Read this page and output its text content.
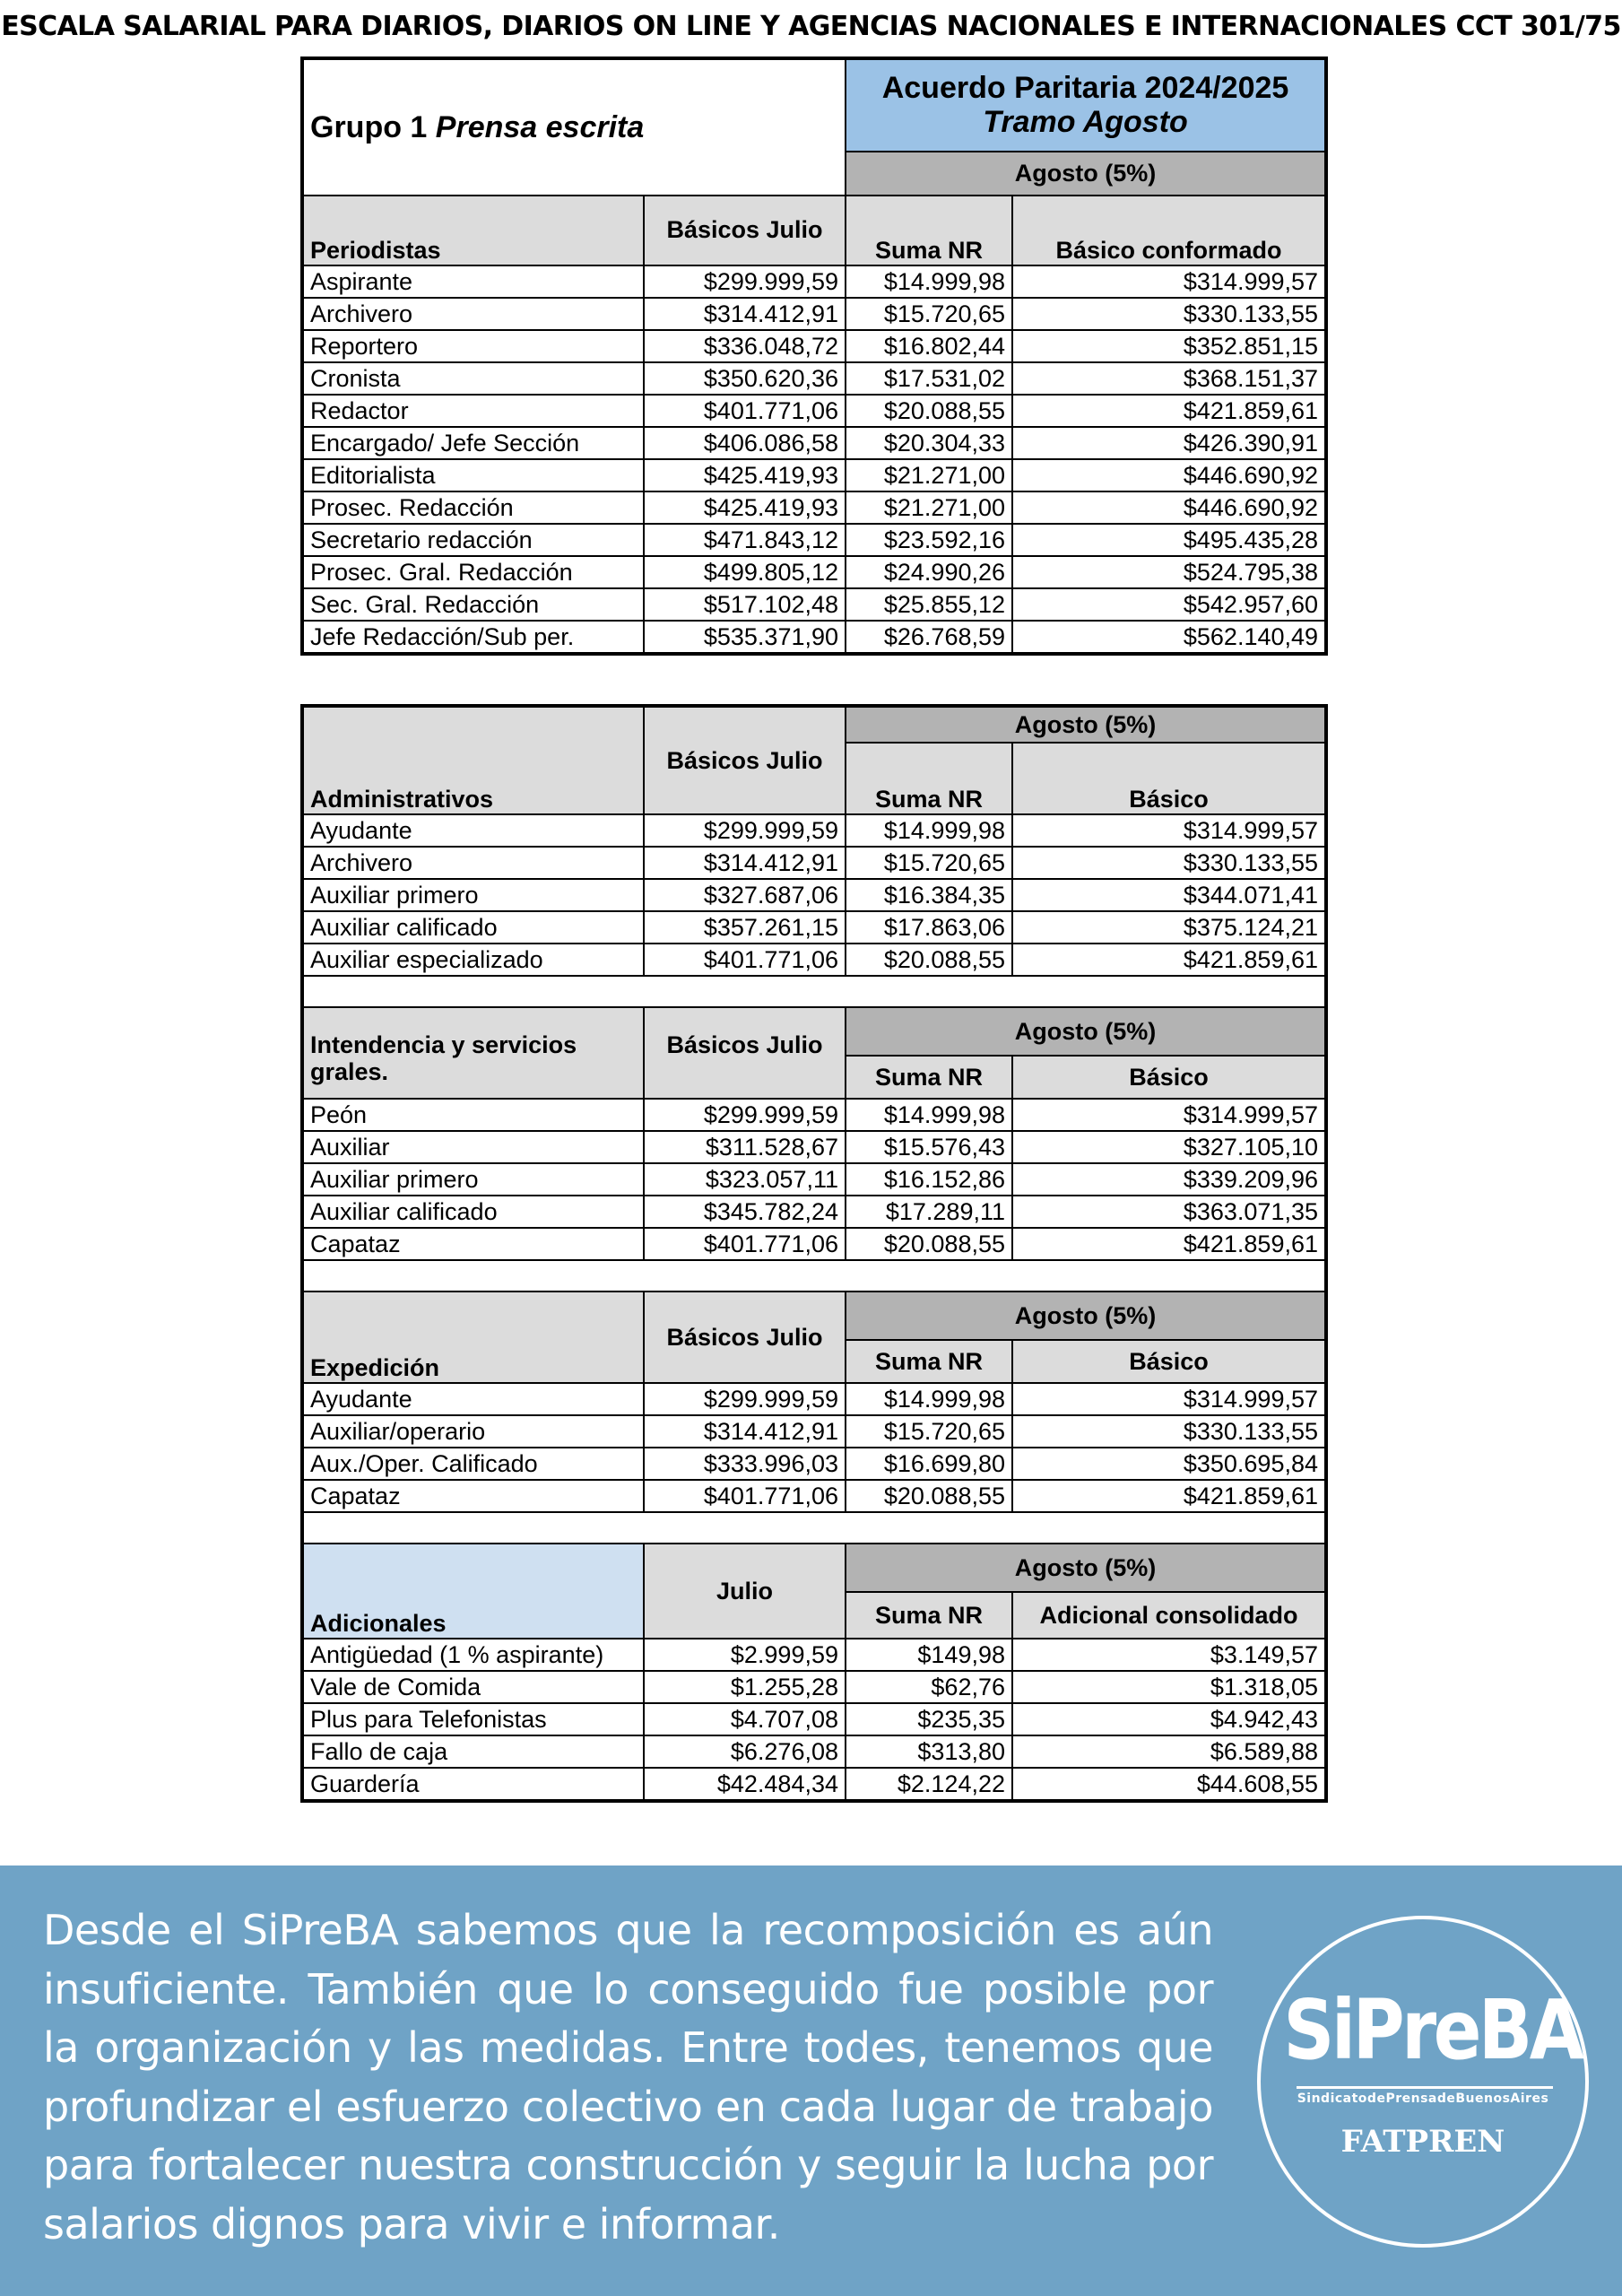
ESCALA SALARIAL PARA DIARIOS, DIARIOS ON LINE Y AGENCIAS NACIONALES E INTERNACIONALES CCT 301/75
Grupo 1 Prensa escrita		Acuerdo Paritaria 2024/2025
Tramo Agosto	

		Agosto (5%)	
Periodistas	Básicos Julio	Suma NR	Básico conformado
Aspirante	$299.999,59	$14.999,98	$314.999,57
Archivero	$314.412,91	$15.720,65	$330.133,55
Reportero	$336.048,72	$16.802,44	$352.851,15
Cronista	$350.620,36	$17.531,02	$368.151,37
Redactor	$401.771,06	$20.088,55	$421.859,61
Encargado/ Jefe Sección	$406.086,58	$20.304,33	$426.390,91
Editorialista	$425.419,93	$21.271,00	$446.690,92
Prosec. Redacción	$425.419,93	$21.271,00	$446.690,92
Secretario redacción	$471.843,12	$23.592,16	$495.435,28
Prosec. Gral. Redacción	$499.805,12	$24.990,26	$524.795,38
Sec. Gral. Redacción	$517.102,48	$25.855,12	$542.957,60
Jefe Redacción/Sub per.	$535.371,90	$26.768,59	$562.140,49
Administrativos	Básicos Julio	Agosto (5%)	
		Suma NR	Básico
Ayudante	$299.999,59	$14.999,98	$314.999,57
Archivero	$314.412,91	$15.720,65	$330.133,55
Auxiliar primero	$327.687,06	$16.384,35	$344.071,41
Auxiliar calificado	$357.261,15	$17.863,06	$375.124,21
Auxiliar especializado	$401.771,06	$20.088,55	$421.859,61

Intendencia y servicios
grales.	Básicos Julio	Agosto (5%)	
		Suma NR	Básico
Peón	$299.999,59	$14.999,98	$314.999,57
Auxiliar	$311.528,67	$15.576,43	$327.105,10
Auxiliar primero	$323.057,11	$16.152,86	$339.209,96
Auxiliar calificado	$345.782,24	$17.289,11	$363.071,35
Capataz	$401.771,06	$20.088,55	$421.859,61

Expedición	Básicos Julio	Agosto (5%)	
		Suma NR	Básico
Ayudante	$299.999,59	$14.999,98	$314.999,57
Auxiliar/operario	$314.412,91	$15.720,65	$330.133,55
Aux./Oper. Calificado	$333.996,03	$16.699,80	$350.695,84
Capataz	$401.771,06	$20.088,55	$421.859,61

Adicionales	Julio	Agosto (5%)	
		Suma NR	Adicional consolidado
Antigüedad (1 % aspirante)	$2.999,59	$149,98	$3.149,57
Vale de Comida	$1.255,28	$62,76	$1.318,05
Plus para Telefonistas	$4.707,08	$235,35	$4.942,43
Fallo de caja	$6.276,08	$313,80	$6.589,88
Guardería	$42.484,34	$2.124,22	$44.608,55
Desde el SiPreBA sabemos que la recomposición es aún insuficiente. También que lo conseguido fue posible por la organización y las medidas. Entre todes, tenemos que profundizar el esfuerzo colectivo en cada lugar de trabajo para fortalecer nuestra construcción y seguir la lucha por salarios dignos para vivir e informar.
SiPreBA
SindicatodePrensadeBuenosAires
FATPREN
